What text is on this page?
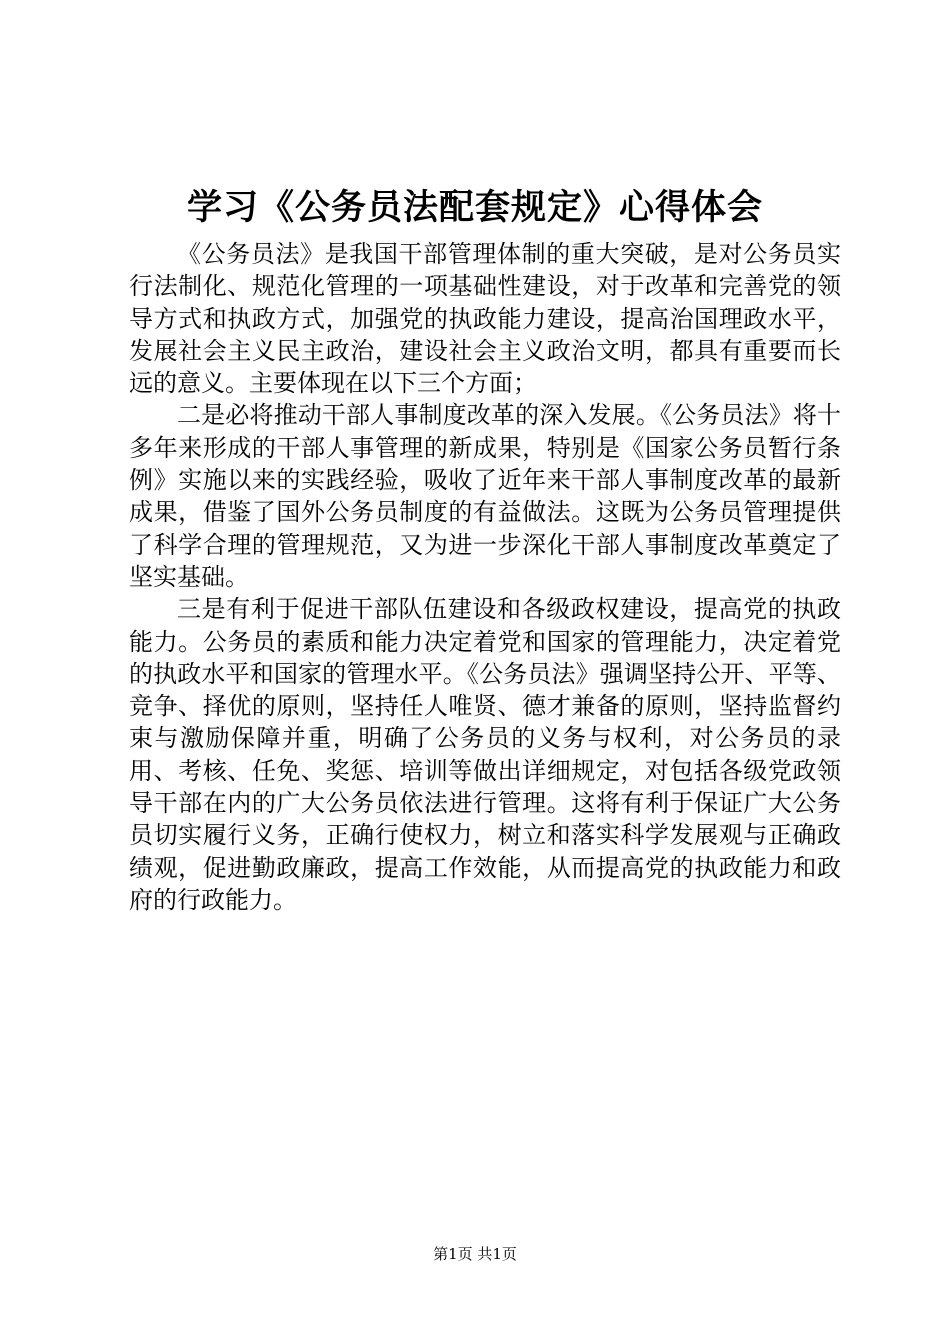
学习《公务员法配套规定》心得体会

《公务员法》是我国干部管理体制的重大突破，是对公务员实行法制化、规范化管理的一项基础性建设，对于改革和完善党的领导方式和执政方式，加强党的执政能力建设，提高治国理政水平，发展社会主义民主政治，建设社会主义政治文明，都具有重要而长远的意义。主要体现在以下三个方面；

二是必将推动干部人事制度改革的深入发展。《公务员法》将十多年来形成的干部人事管理的新成果，特别是《国家公务员暂行条例》实施以来的实践经验，吸收了近年来干部人事制度改革的最新成果，借鉴了国外公务员制度的有益做法。这既为公务员管理提供了科学合理的管理规范，又为进一步深化干部人事制度改革奠定了坚实基础。

三是有利于促进干部队伍建设和各级政权建设，提高党的执政能力。公务员的素质和能力决定着党和国家的管理能力，决定着党的执政水平和国家的管理水平。《公务员法》强调坚持公开、平等、竞争、择优的原则，坚持任人唯贤、德才兼备的原则，坚持监督约束与激励保障并重，明确了公务员的义务与权利，对公务员的录用、考核、任免、奖惩、培训等做出详细规定，对包括各级党政领导干部在内的广大公务员依法进行管理。这将有利于保证广大公务员切实履行义务，正确行使权力，树立和落实科学发展观与正确政绩观，促进勤政廉政，提高工作效能，从而提高党的执政能力和政府的行政能力。

第1页 共1页
